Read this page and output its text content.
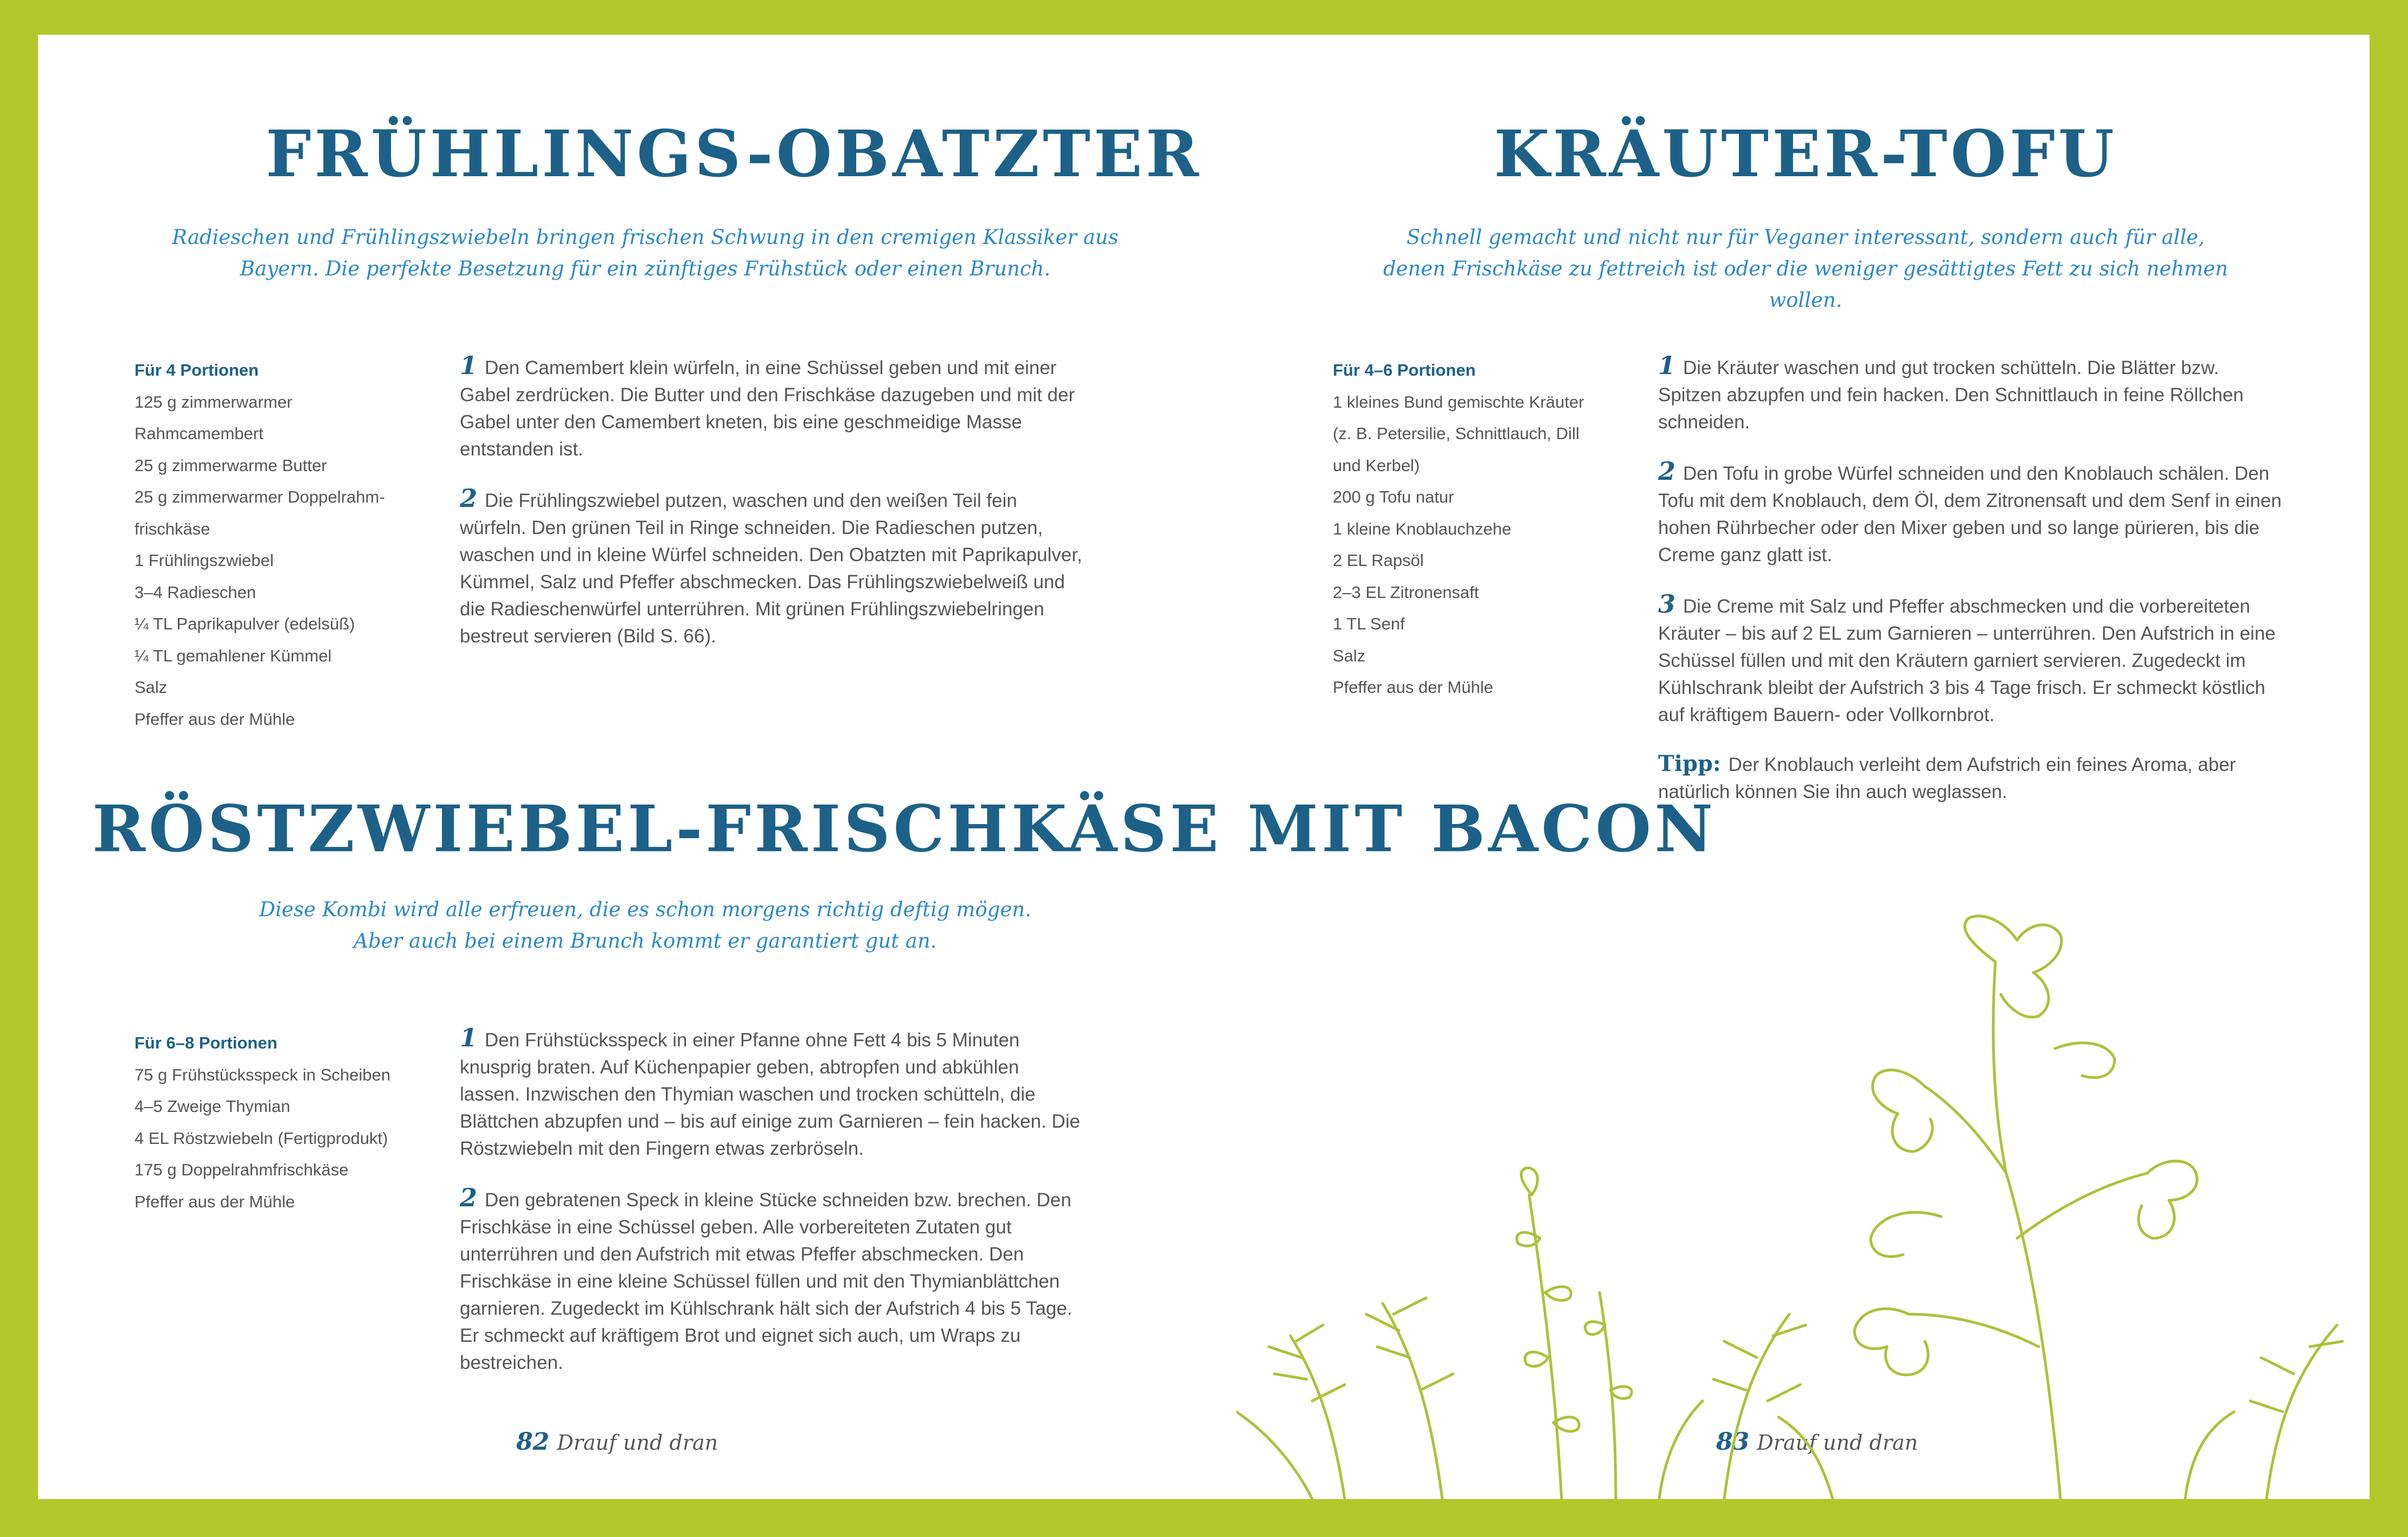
FRÜHLINGS-OBATZTER

Radieschen und Frühlingszwiebeln bringen frischen Schwung in den cremigen Klassiker aus Bayern. Die perfekte Besetzung für ein zünftiges Frühstück oder einen Brunch.

Für 4 Portionen
125 g zimmerwarmer Rahmcamembert
25 g zimmerwarme Butter
25 g zimmerwarmer Doppelrahm-
frischkäse
1 Frühlingszwiebel
3–4 Radieschen
¼ TL Paprikapulver (edelsüß)
¼ TL gemahlener Kümmel
Salz
Pfeffer aus der Mühle

1 Den Camembert klein würfeln, in eine Schüssel geben und mit einer Gabel zerdrücken. Die Butter und den Frischkäse dazugeben und mit der Gabel unter den Camembert kneten, bis eine geschmeidige Masse entstanden ist.

2 Die Frühlingszwiebel putzen, waschen und den weißen Teil fein würfeln. Den grünen Teil in Ringe schneiden. Die Radieschen putzen, waschen und in kleine Würfel schneiden. Den Obatzten mit Paprikapulver, Kümmel, Salz und Pfeffer abschmecken. Das Frühlingszwiebelweiß und die Radieschenwürfel unterrühren. Mit grünen Frühlingszwiebelringen bestreut servieren (Bild S. 66).

RÖSTZWIEBEL-FRISCHKÄSE MIT BACON
Diese Kombi wird alle erfreuen, die es schon morgens richtig deftig mögen.
Aber auch bei einem Brunch kommt er garantiert gut an.
Für 6–8 Portionen
75 g Frühstücksspeck in Scheiben
4–5 Zweige Thymian
4 EL Röstzwiebeln (Fertigprodukt)
175 g Doppelrahmfrischkäse
Pfeffer aus der Mühle

1 Den Frühstücksspeck in einer Pfanne ohne Fett 4 bis 5 Minuten knusprig braten. Auf Küchenpapier geben, abtropfen und abkühlen lassen. Inzwischen den Thymian waschen und trocken schütteln, die Blättchen abzupfen und – bis auf einige zum Garnieren – fein hacken. Die Röstzwiebeln mit den Fingern etwas zerbröseln.

2 Den gebratenen Speck in kleine Stücke schneiden bzw. brechen. Den Frischkäse in eine Schüssel geben. Alle vorbereiteten Zutaten gut unterrühren und den Aufstrich mit etwas Pfeffer abschmecken. Den Frischkäse in eine kleine Schüssel füllen und mit den Thymianblättchen garnieren. Zugedeckt im Kühlschrank hält sich der Aufstrich 4 bis 5 Tage. Er schmeckt auf kräftigem Brot und eignet sich auch, um Wraps zu bestreichen.

82 Drauf und dran

KRÄUTER-TOFU

Schnell gemacht und nicht nur für Veganer interessant, sondern auch für alle, denen Frischkäse zu fettreich ist oder die weniger gesättigtes Fett zu sich nehmen wollen.

Für 4–6 Portionen
1 kleines Bund gemischte Kräuter
(z. B. Petersilie, Schnittlauch, Dill
und Kerbel)
200 g Tofu natur
1 kleine Knoblauchzehe
2 EL Rapsöl
2–3 EL Zitronensaft
1 TL Senf
Salz
Pfeffer aus der Mühle

1 Die Kräuter waschen und gut trocken schütteln. Die Blätter bzw. Spitzen abzupfen und fein hacken. Den Schnittlauch in feine Röllchen schneiden.

2 Den Tofu in grobe Würfel schneiden und den Knoblauch schälen. Den Tofu mit dem Knoblauch, dem Öl, dem Zitronensaft und dem Senf in einen hohen Rührbecher oder den Mixer geben und so lange pürieren, bis die Creme ganz glatt ist.

3 Die Creme mit Salz und Pfeffer abschmecken und die vorbereiteten Kräuter – bis auf 2 EL zum Garnieren – unterrühren. Den Aufstrich in eine Schüssel füllen und mit den Kräutern garniert servieren. Zugedeckt im Kühlschrank bleibt der Aufstrich 3 bis 4 Tage frisch. Er schmeckt köstlich auf kräftigem Bauern- oder Vollkornbrot.

Tipp: Der Knoblauch verleiht dem Aufstrich ein feines Aroma, aber natürlich können Sie ihn auch weglassen.

83 Drauf und dran
